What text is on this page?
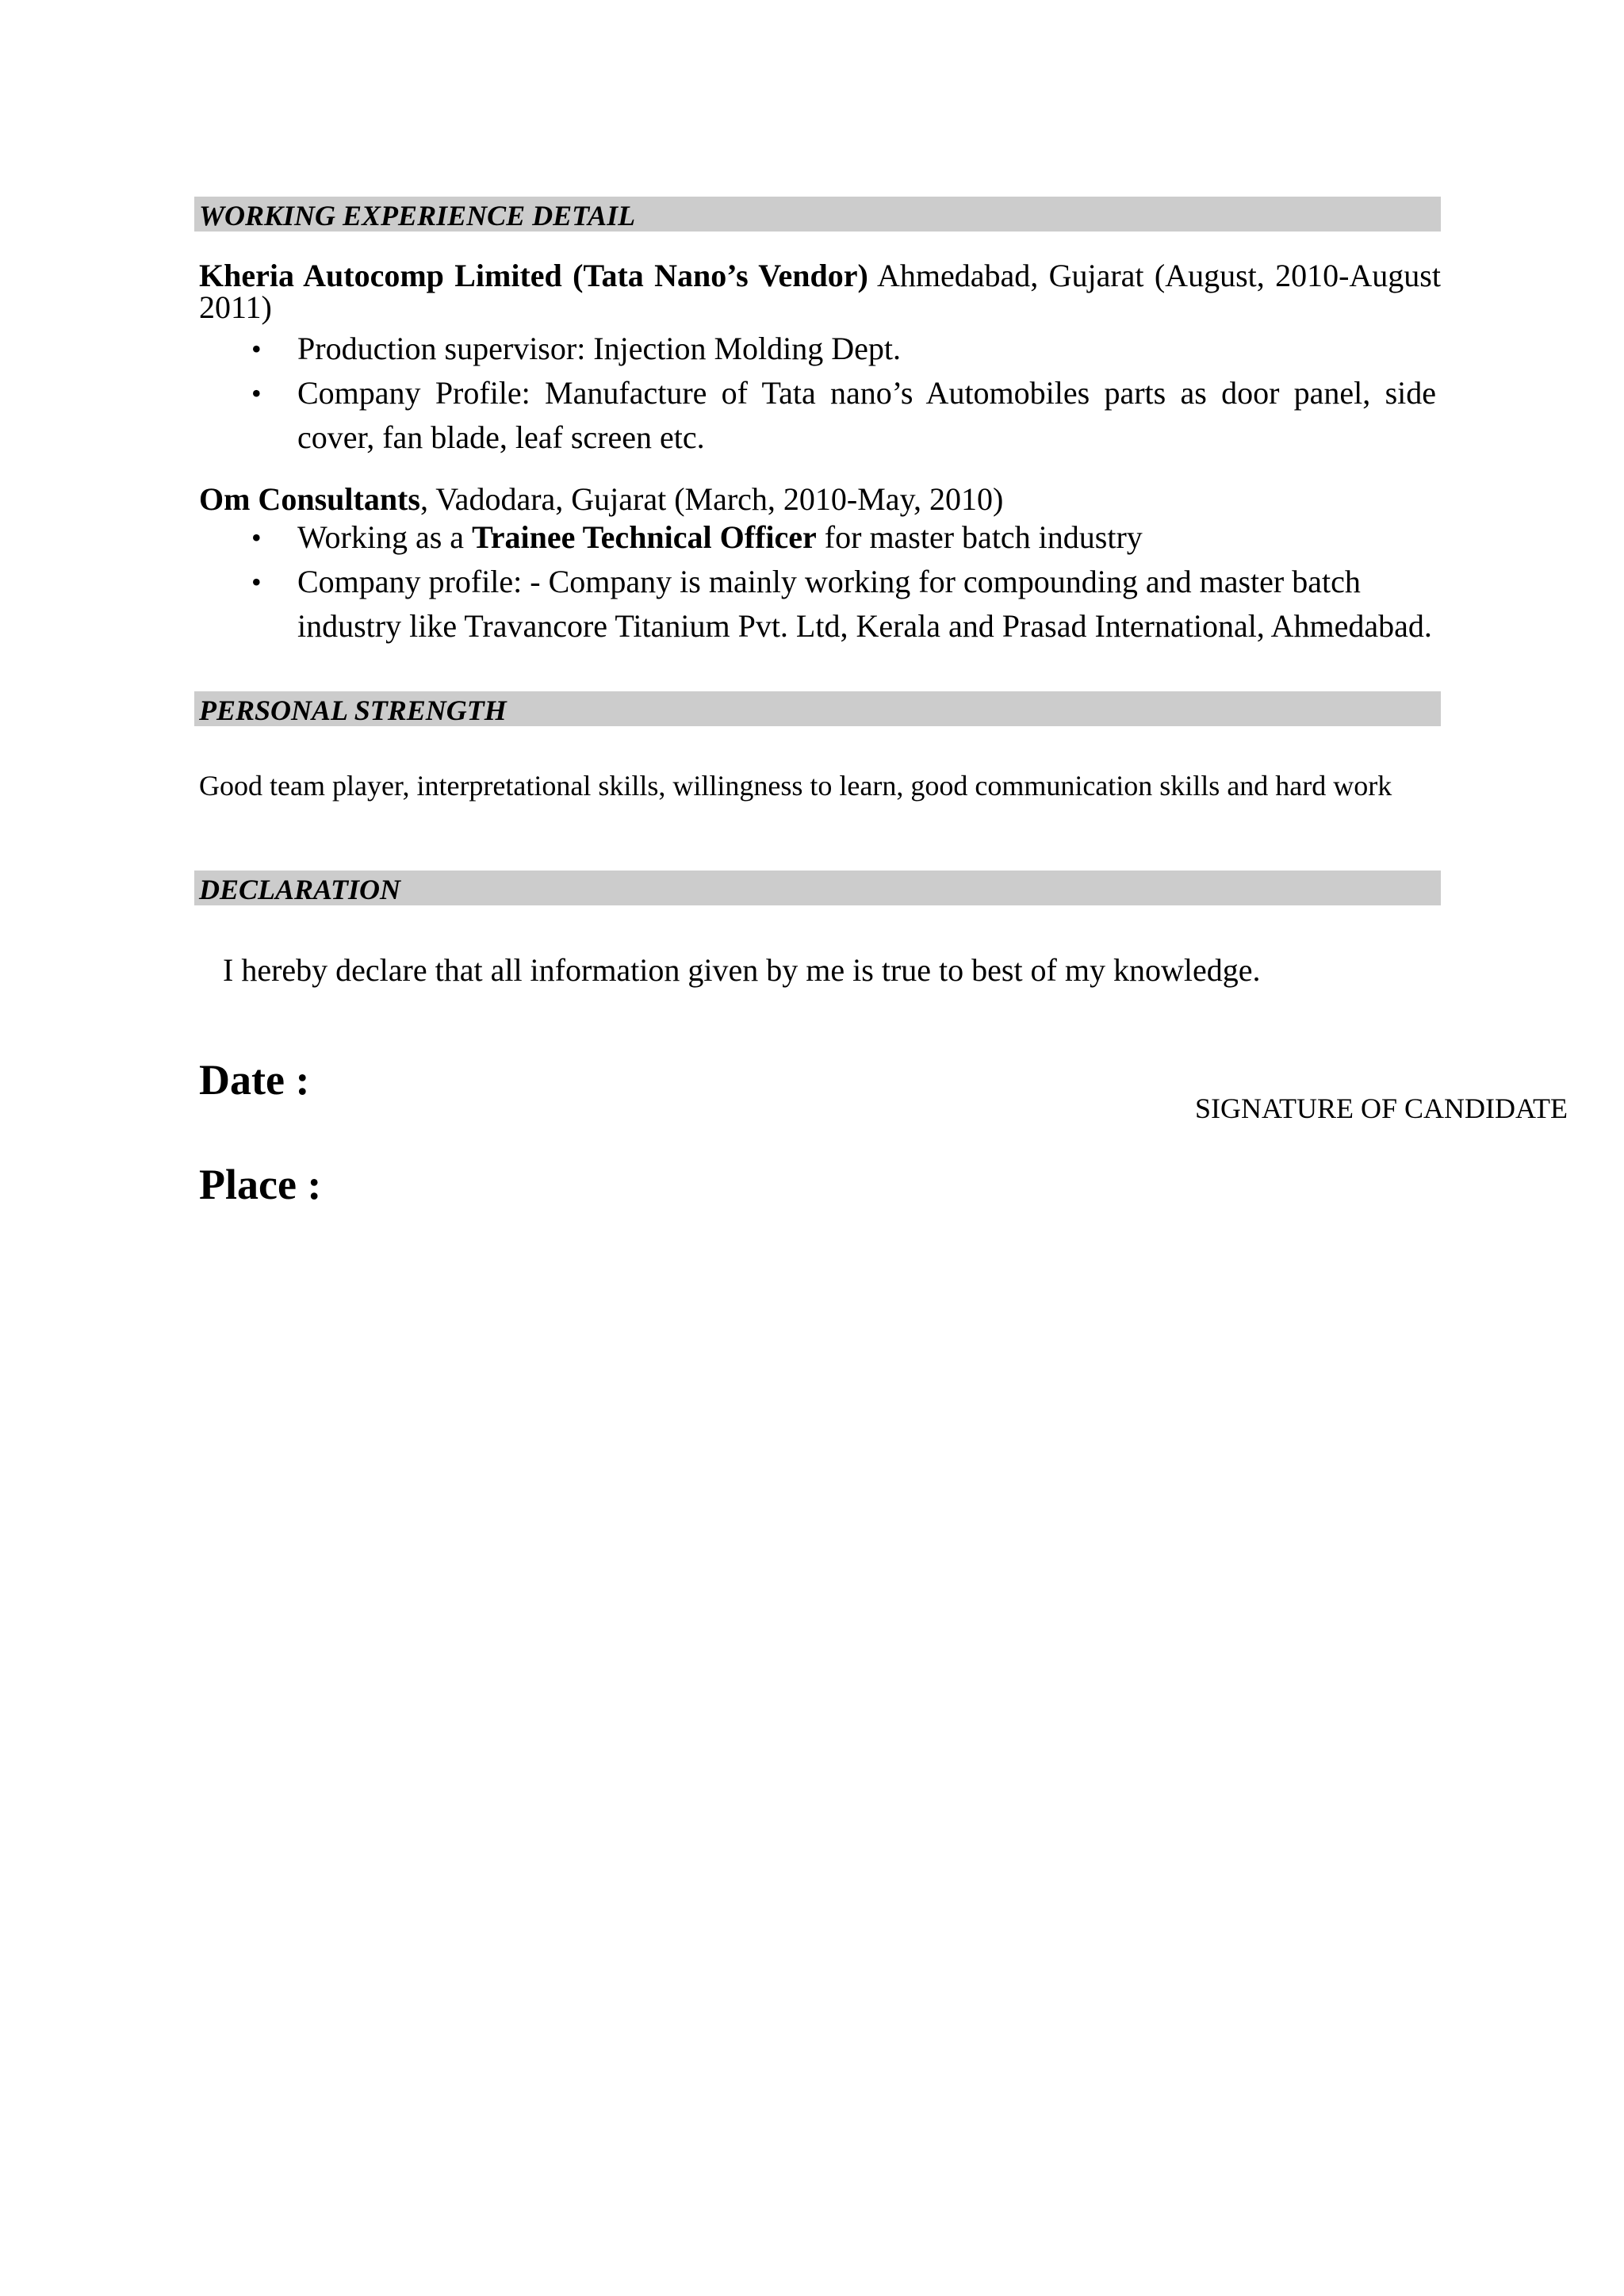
WORKING EXPERIENCE DETAIL
Kheria Autocomp Limited (Tata Nano’s Vendor) Ahmedabad, Gujarat (August, 2010-August 2011)
• Production supervisor: Injection Molding Dept.
• Company Profile: Manufacture of Tata nano’s Automobiles parts as door panel, side cover, fan blade, leaf screen etc.
Om Consultants, Vadodara, Gujarat (March, 2010-May, 2010)
• Working as a Trainee Technical Officer for master batch industry
• Company profile: - Company is mainly working for compounding and master batch industry like Travancore Titanium Pvt. Ltd, Kerala and Prasad International, Ahmedabad.
PERSONAL STRENGTH
Good team player, interpretational skills, willingness to learn, good communication skills and hard work
DECLARATION
I hereby declare that all information given by me is true to best of my knowledge.
Date :
SIGNATURE OF CANDIDATE
Place :
